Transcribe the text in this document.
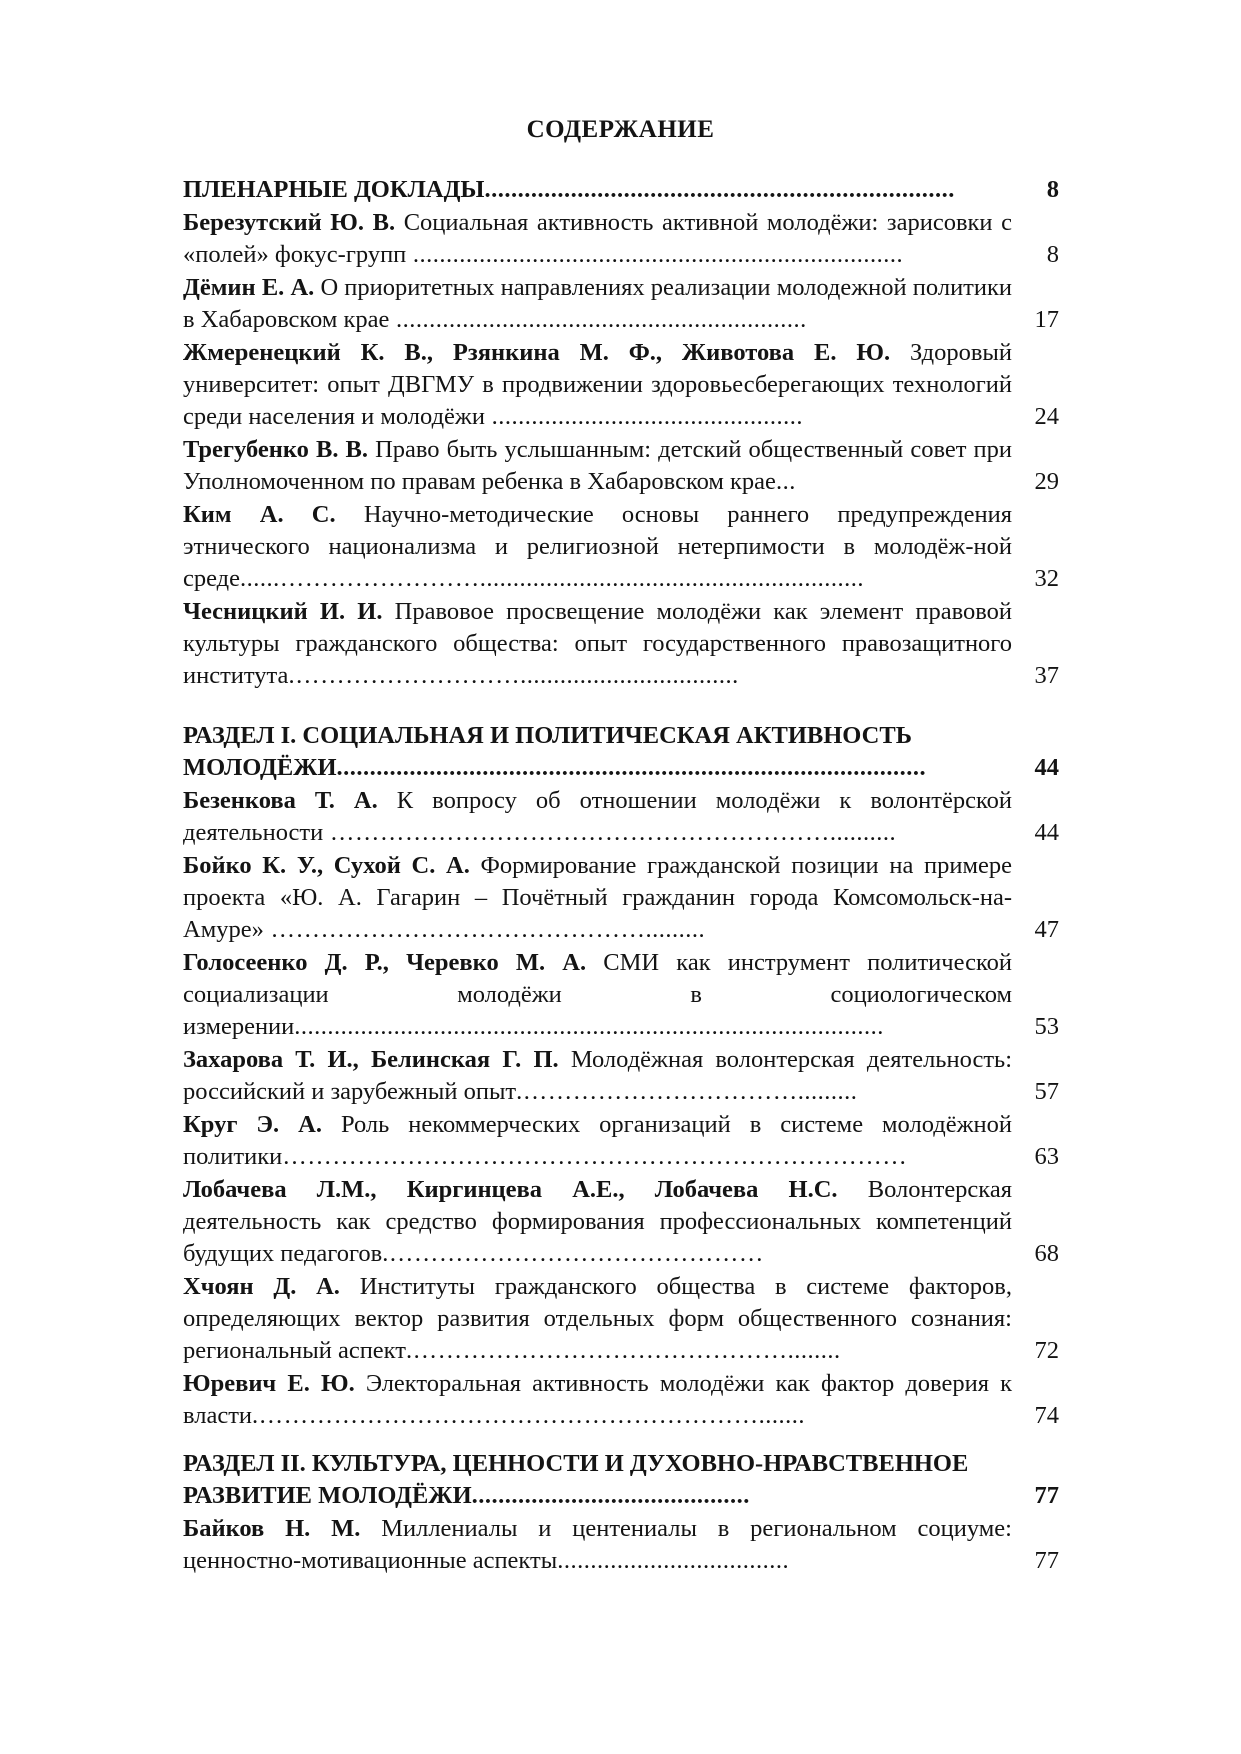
СОДЕРЖАНИЕ
ПЛЕНАРНЫЕ ДОКЛАДЫ.......................................................................	8
Березутский Ю. В. Социальная активность активной молодёжи: зарисовки с «полей» фокус-групп ..........................................................................	8
Дёмин Е. А. О приоритетных направлениях реализации молодежной политики в Хабаровском крае ..............................................................	17
Жмеренецкий К. В., Рзянкина М. Ф., Животова Е. Ю. Здоровый университет: опыт ДВГМУ в продвижении здоровьесберегающих технологий среди населения и молодёжи ...............................................	24
Трегубенко В. В. Право быть услышанным: детский общественный совет при Уполномоченном по правам ребенка в Хабаровском крае...	29
Ким А. С. Научно-методические основы раннего предупреждения этнического национализма и религиозной нетерпимости в молодёж-ной среде......……………………..........................................................	32
Чесницкий И. И. Правовое просвещение молодёжи как элемент правовой культуры гражданского общества: опыт государственного правозащитного института.……………………….................................	37
РАЗДЕЛ I. СОЦИАЛЬНАЯ И ПОЛИТИЧЕСКАЯ АКТИВНОСТЬ МОЛОДЁЖИ.........................................................................................	44
Безенкова Т. А. К вопросу об отношении молодёжи к волонтёрской деятельности ……………………………………………………..........	44
Бойко К. У., Сухой С. А. Формирование гражданской позиции на примере проекта «Ю. А. Гагарин – Почётный гражданин города Комсомольск-на-Амуре» ……………………………………….........	47
Голосеенко Д. Р., Черевко М. А. СМИ как инструмент политической социализации молодёжи в социологическом измерении.........................................................................................	53
Захарова Т. И., Белинская Г. П. Молодёжная волонтерская деятельность: российский и зарубежный опыт.…………………………….........	57
Круг Э. А. Роль некоммерческих организаций в системе молодёжной политики…………………………………………………………………	63
Лобачева Л.М., Киргинцева А.Е., Лобачева Н.С. Волонтерская деятельность как средство формирования профессиональных компетенций будущих педагогов.………………………………………	68
Хчоян Д. А. Институты гражданского общества в системе факторов, определяющих вектор развития отдельных форм общественного сознания: региональный аспект.………………………………………........	72
Юревич Е. Ю. Электоральная активность молодёжи как фактор доверия к власти.…………………………………………………….......	74
РАЗДЕЛ II. КУЛЬТУРА, ЦЕННОСТИ И ДУХОВНО-НРАВСТВЕННОЕ РАЗВИТИЕ МОЛОДЁЖИ..........................................	77
Байков Н. М. Миллениалы и центениалы в региональном социуме: ценностно-мотивационные аспекты...................................	77
